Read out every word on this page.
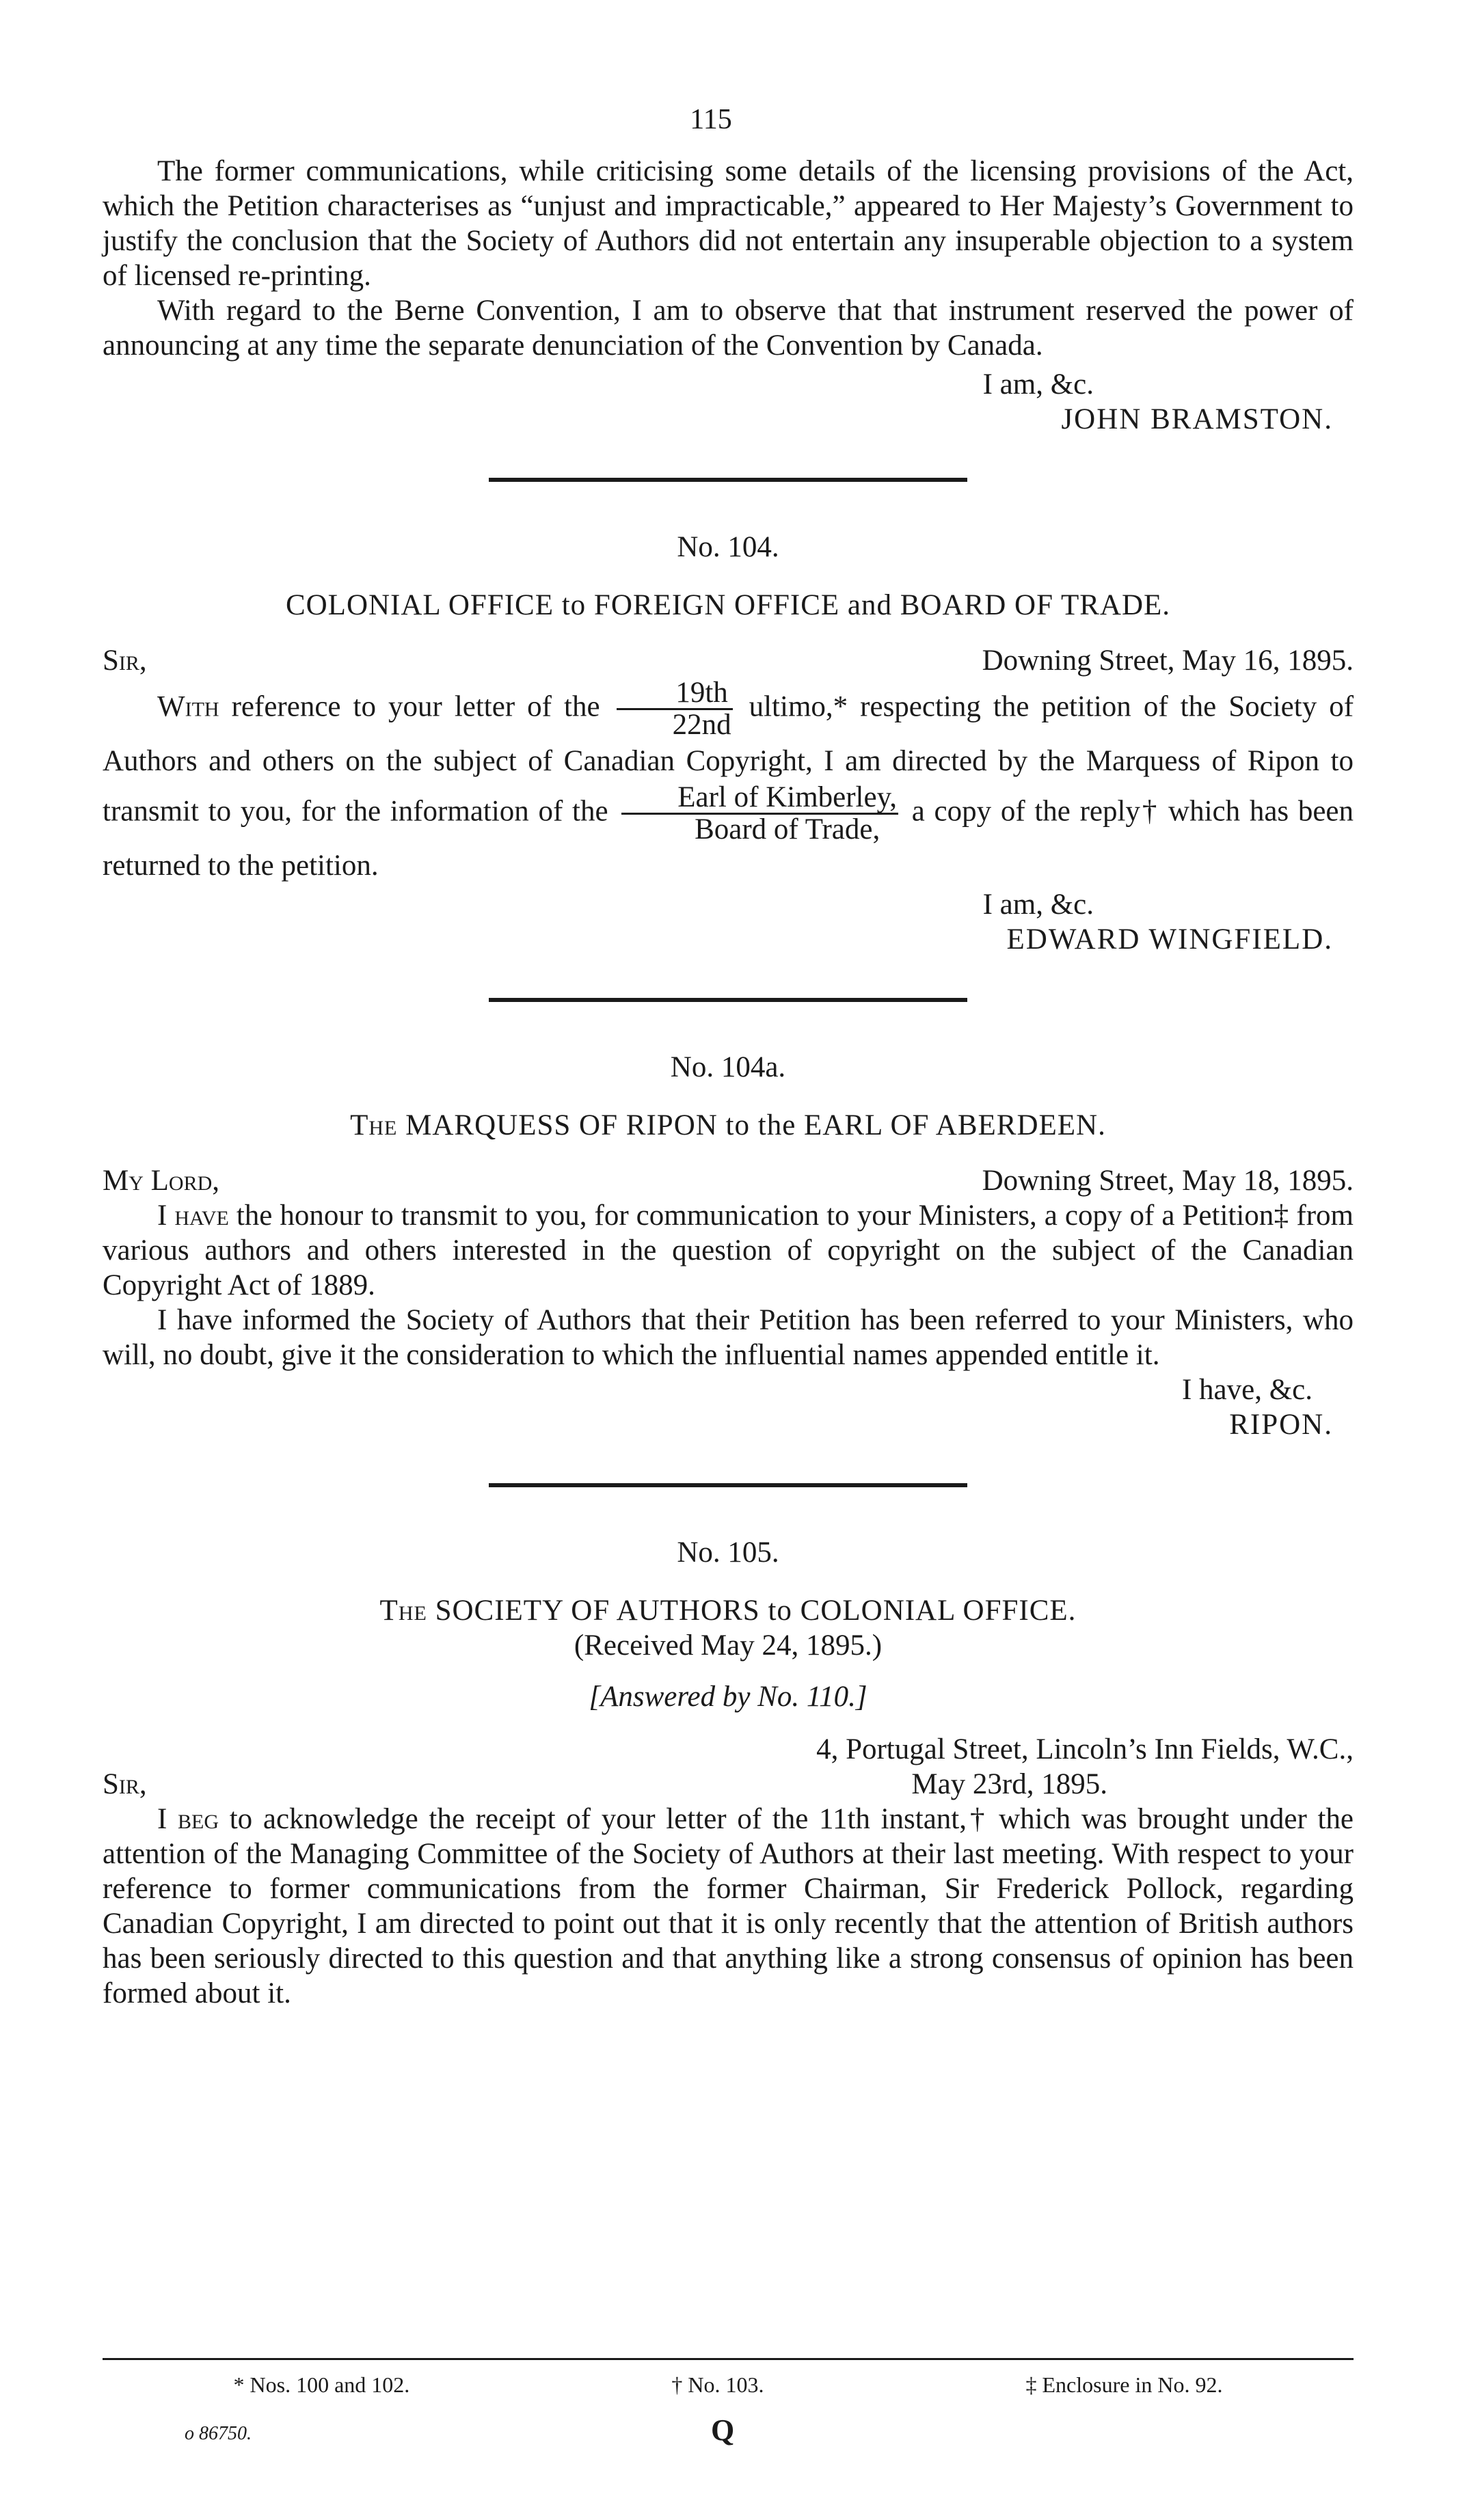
115

The former communications, while criticising some details of the licensing provisions of the Act, which the Petition characterises as “unjust and impracticable,” appeared to Her Majesty’s Government to justify the conclusion that the Society of Authors did not entertain any insuperable objection to a system of licensed re-printing.

With regard to the Berne Convention, I am to observe that that instrument reserved the power of announcing at any time the separate denunciation of the Convention by Canada.

I am, &c.

JOHN BRAMSTON.

No. 104.

COLONIAL OFFICE to FOREIGN OFFICE and BOARD OF TRADE.

Sir,	Downing Street, May 16, 1895.

With reference to your letter of the $\frac{19th}{22nd}$ ultimo,* respecting the petition of the Society of Authors and others on the subject of Canadian Copyright, I am directed by the Marquess of Ripon to transmit to you, for the information of the $\frac{\text{Earl of Kimberley,}}{\text{Board of Trade,}}$ a copy of the reply† which has been returned to the petition.

I am, &c.

EDWARD WINGFIELD.

No. 104a.

The MARQUESS OF RIPON to the EARL OF ABERDEEN.

My Lord,	Downing Street, May 18, 1895.

I have the honour to transmit to you, for communication to your Ministers, a copy of a Petition‡ from various authors and others interested in the question of copyright on the subject of the Canadian Copyright Act of 1889.

I have informed the Society of Authors that their Petition has been referred to your Ministers, who will, no doubt, give it the consideration to which the influential names appended entitle it.

I have, &c.

RIPON.

No. 105.

The SOCIETY OF AUTHORS to COLONIAL OFFICE.

(Received May 24, 1895.)

[Answered by No. 110.]

4, Portugal Street, Lincoln’s Inn Fields, W.C.,

Sir,	May 23rd, 1895.

I beg to acknowledge the receipt of your letter of the 11th instant,† which was brought under the attention of the Managing Committee of the Society of Authors at their last meeting. With respect to your reference to former communications from the former Chairman, Sir Frederick Pollock, regarding Canadian Copyright, I am directed to point out that it is only recently that the attention of British authors has been seriously directed to this question and that anything like a strong consensus of opinion has been formed about it.

* Nos. 100 and 102.	† No. 103.	‡ Enclosure in No. 92.
o 86750.	Q
